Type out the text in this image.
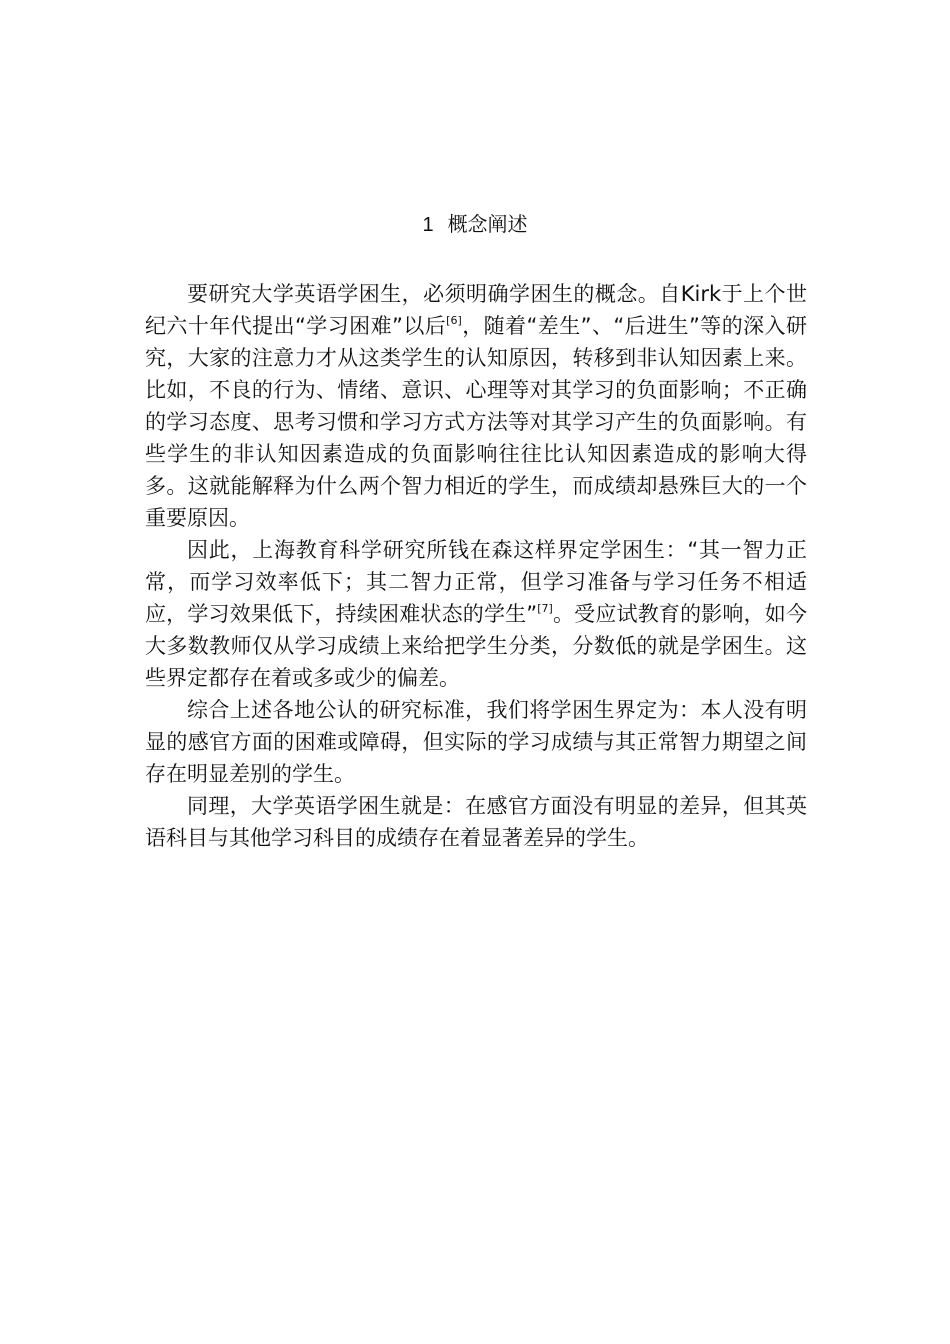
1 概念阐述

要研究大学英语学困生，必须明确学困生的概念。自Kirk于上个世纪六十年代提出“学习困难”以后[6]，随着“差生”、“后进生”等的深入研究，大家的注意力才从这类学生的认知原因，转移到非认知因素上来。比如，不良的行为、情绪、意识、心理等对其学习的负面影响；不正确的学习态度、思考习惯和学习方式方法等对其学习产生的负面影响。有些学生的非认知因素造成的负面影响往往比认知因素造成的影响大得多。这就能解释为什么两个智力相近的学生，而成绩却悬殊巨大的一个重要原因。

因此，上海教育科学研究所钱在森这样界定学困生：“其一智力正常，而学习效率低下；其二智力正常，但学习准备与学习任务不相适应，学习效果低下，持续困难状态的学生”[7]。受应试教育的影响，如今大多数教师仅从学习成绩上来给把学生分类，分数低的就是学困生。这些界定都存在着或多或少的偏差。

综合上述各地公认的研究标准，我们将学困生界定为：本人没有明显的感官方面的困难或障碍，但实际的学习成绩与其正常智力期望之间存在明显差别的学生。

同理，大学英语学困生就是：在感官方面没有明显的差异，但其英语科目与其他学习科目的成绩存在着显著差异的学生。
